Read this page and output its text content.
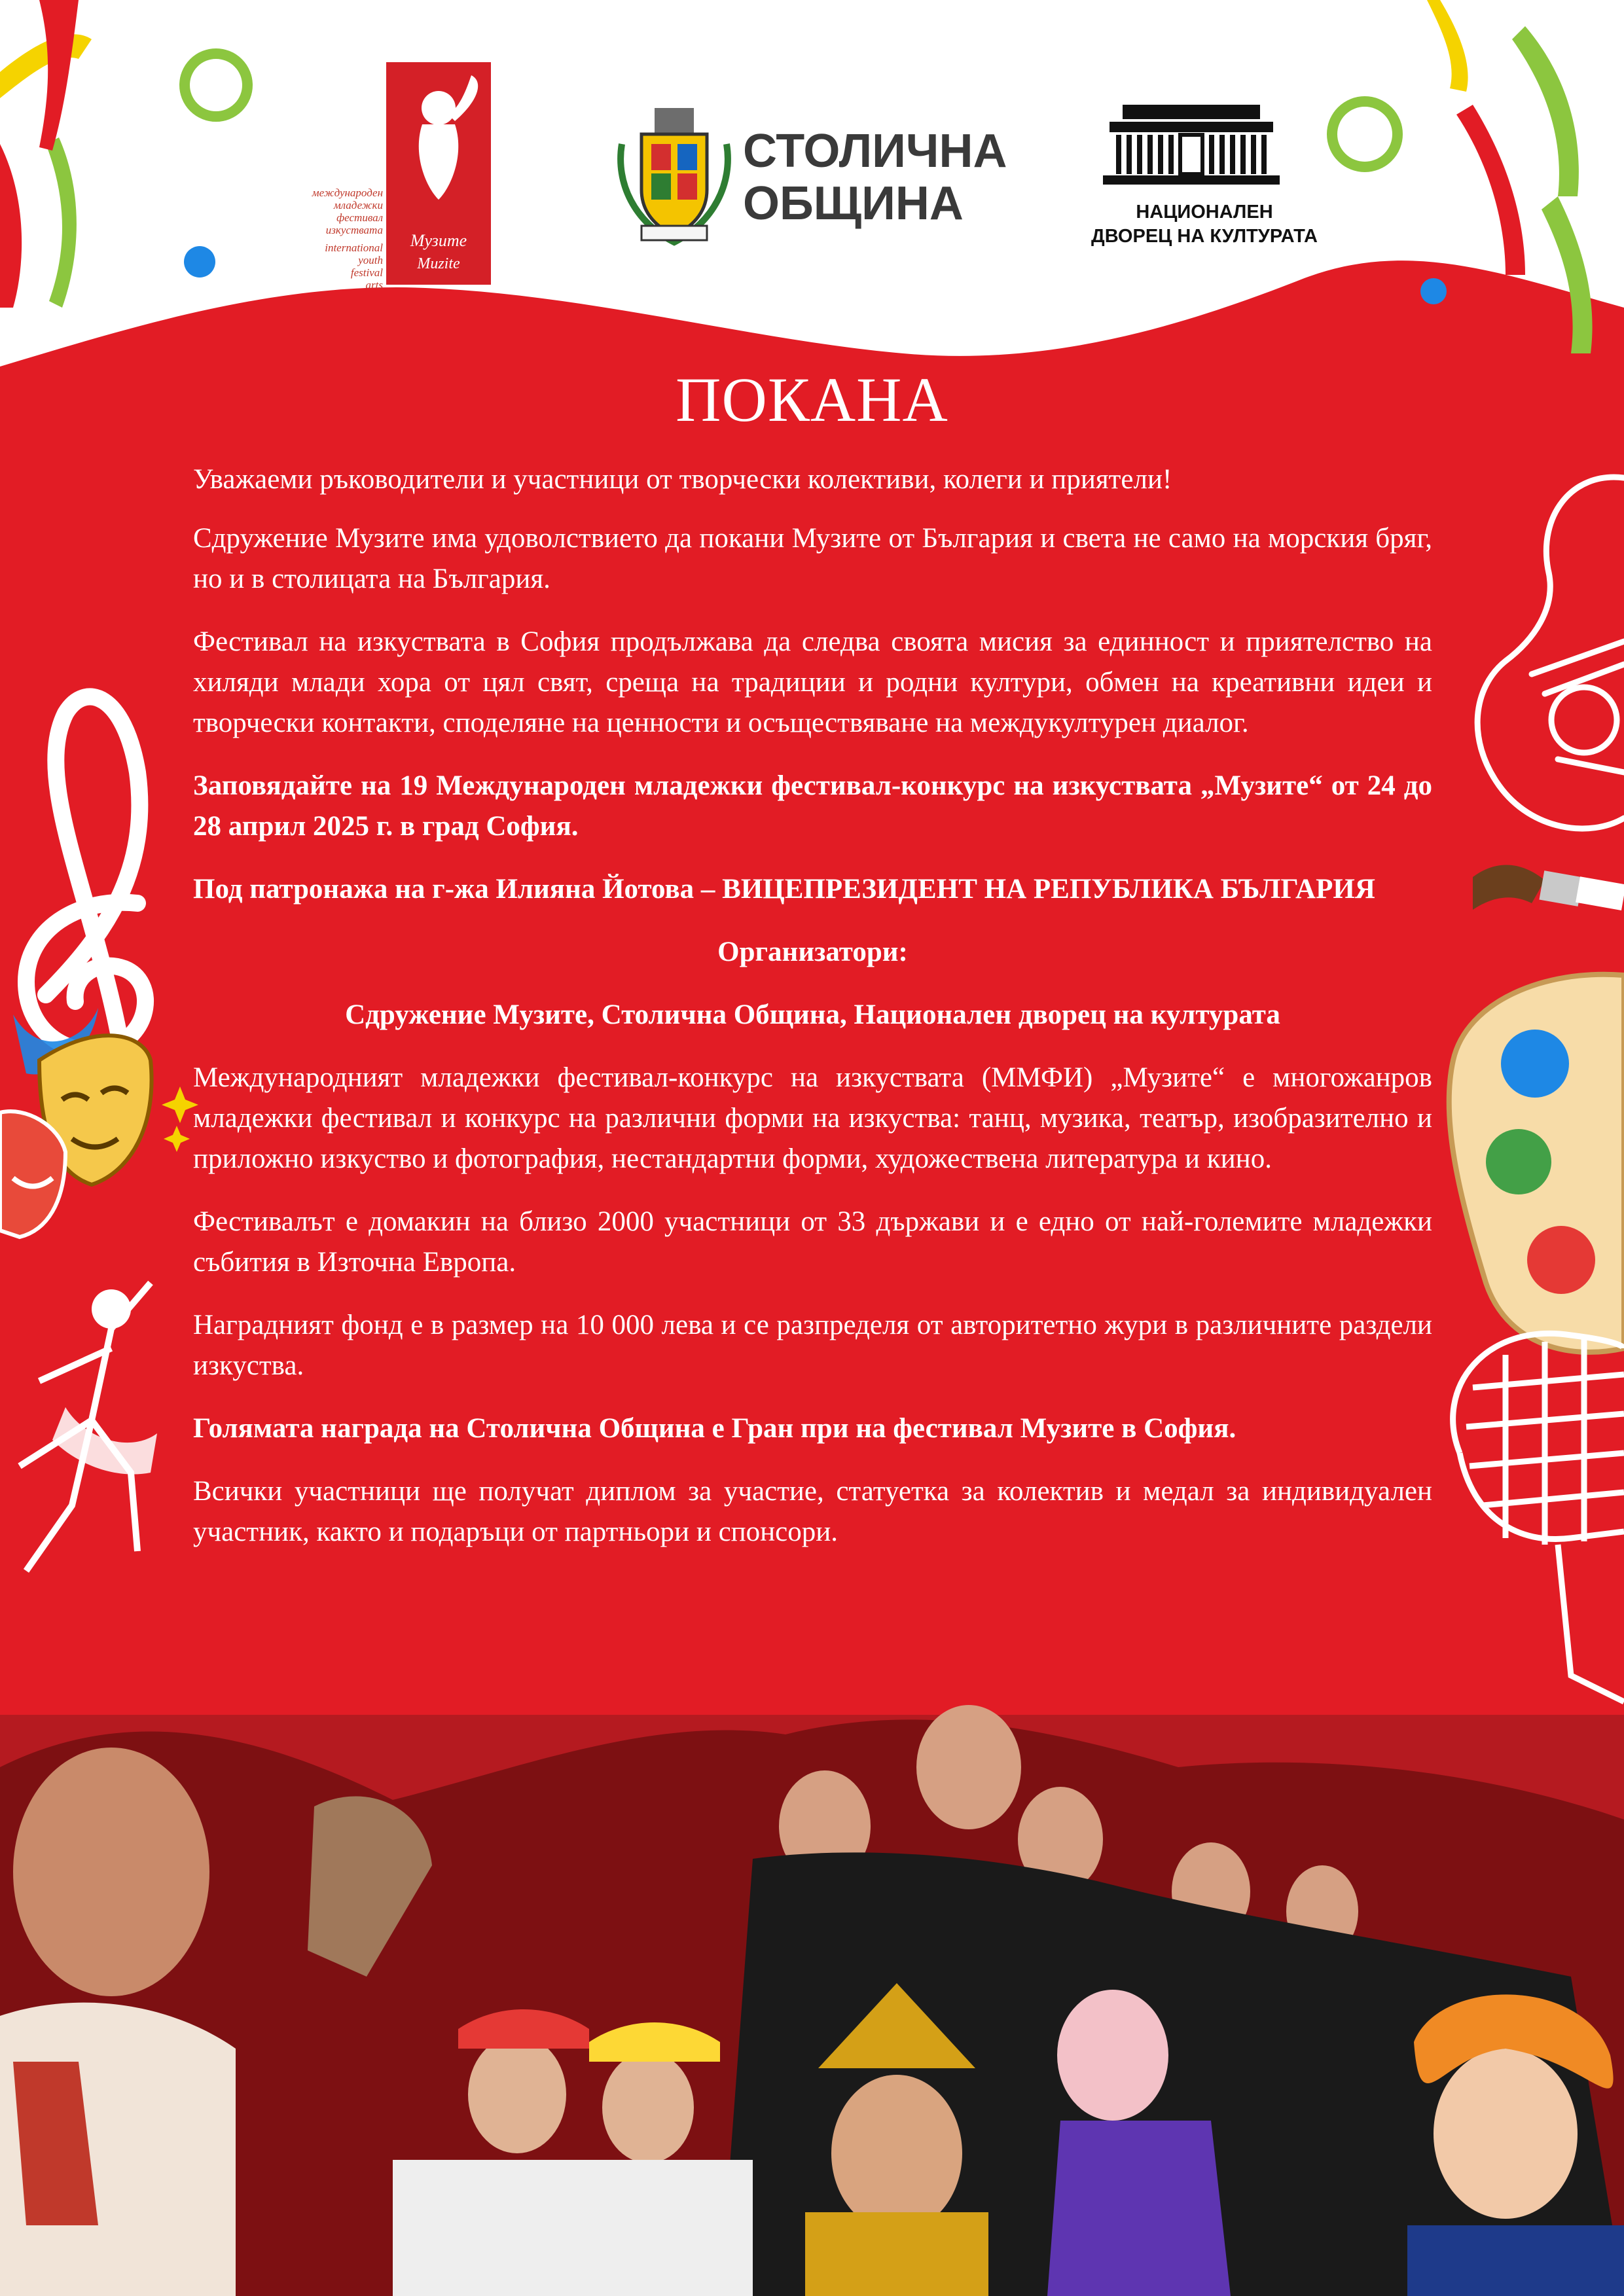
международен
младежки
фестивал
изкуствата
international
youth
festival
arts
Музите
Muzite
СТОЛИЧНА
ОБЩИНА	НАЦИОНАЛЕН
ДВОРЕЦ НА КУЛТУРАТА
ПОКАНА

Уважаеми ръководители и участници от творчески колективи, колеги и приятели!

Сдружение Музите има удоволствието да покани Музите от България и света не само на морския бряг, но и в столицата на България.

Фестивал на изкуствата в София продължава да следва своята мисия за единност и приятелство на хиляди млади хора от цял свят, среща на традиции и родни култури, обмен на креативни идеи и творчески контакти, споделяне на ценности и осъществяване на междукултурен диалог.

Заповядайте на 19 Международен младежки фестивал-конкурс на изкуствата „Музите“ от 24 до 28 април 2025 г. в град София.

Под патронажа на г-жа Илияна Йотова – ВИЦЕПРЕЗИДЕНТ НА РЕПУБЛИКА БЪЛГАРИЯ

Организатори:

Сдружение Музите, Столична Община, Национален дворец на културата

Международният младежки фестивал-конкурс на изкуствата (ММФИ) „Музите“ е многожанров младежки фестивал и конкурс на различни форми на изкуства: танц, музика, театър, изобразително и приложно изкуство и фотография, нестандартни форми, художествена литература и кино.

Фестивалът е домакин на близо 2000 участници от 33 държави и е едно от най-големите младежки събития в Източна Европа.

Наградният фонд е в размер на 10 000 лева и се разпределя от авторитетно жури в различните раздели изкуства.

Голямата награда на Столична Община е Гран при на фестивал Музите в София.

Всички участници ще получат диплом за участие, статуетка за колектив и медал за индивидуален участник, както и подаръци от партньори и спонсори.
